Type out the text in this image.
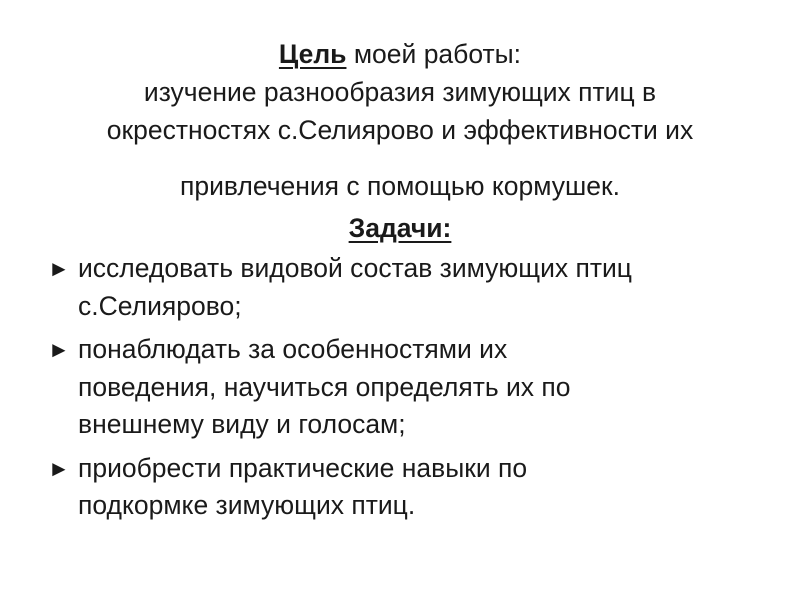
Цель моей работы:
изучение разнообразия зимующих птиц в
окрестностях с.Селиярово и эффективности их
привлечения с помощью кормушек.
Задачи:
► исследовать видовой состав зимующих птиц
с.Селиярово;
► понаблюдать за особенностями их
поведения, научиться определять их по
внешнему виду и голосам;
► приобрести практические навыки по
подкормке зимующих птиц.
